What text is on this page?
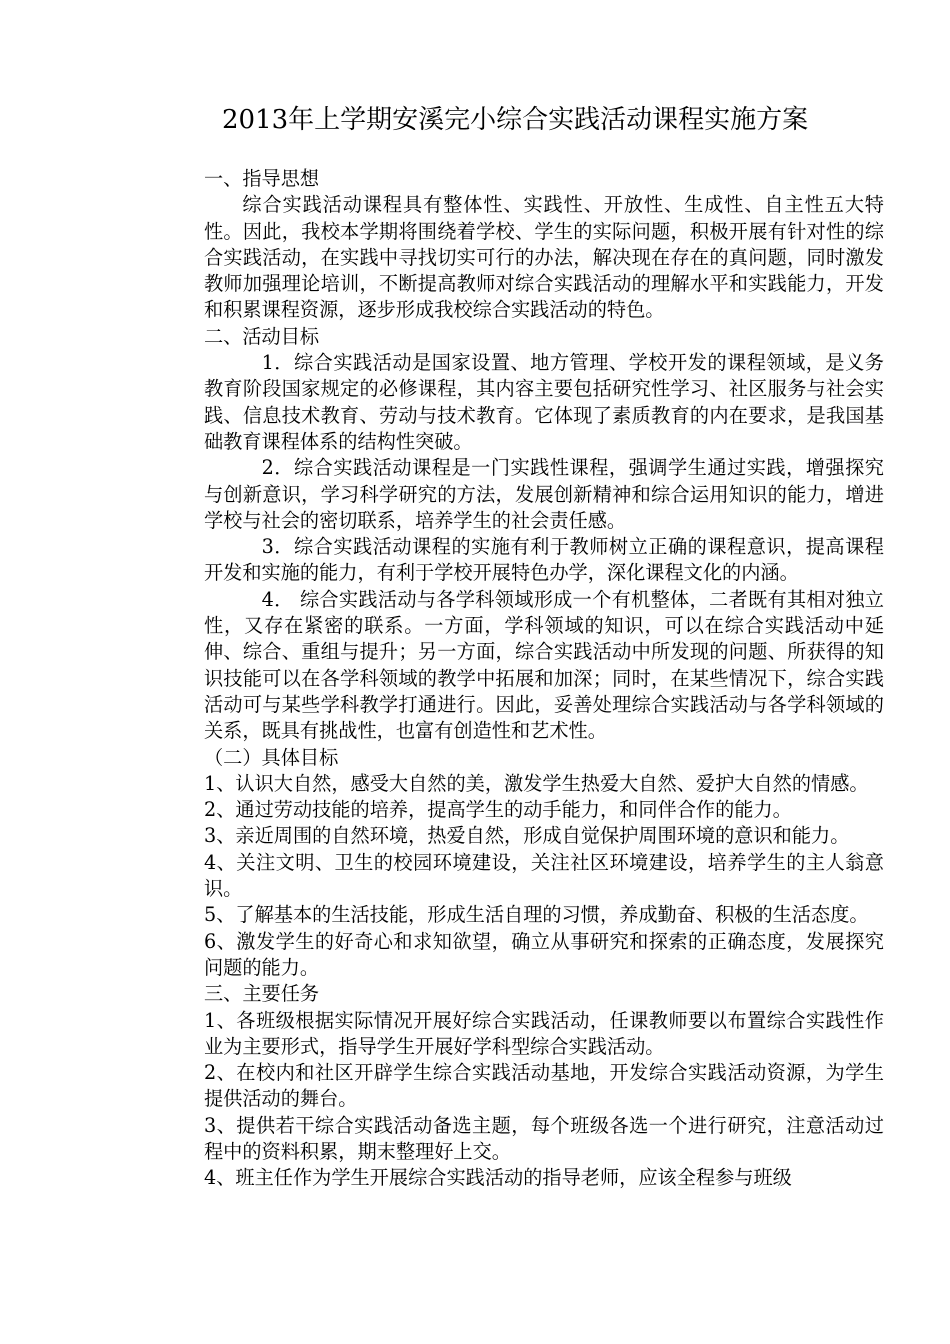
2013年上学期安溪完小综合实践活动课程实施方案

一、指导思想

综合实践活动课程具有整体性、实践性、开放性、生成性、自主性五大特性。因此，我校本学期将围绕着学校、学生的实际问题，积极开展有针对性的综合实践活动，在实践中寻找切实可行的办法，解决现在存在的真问题，同时激发教师加强理论培训，不断提高教师对综合实践活动的理解水平和实践能力，开发和积累课程资源，逐步形成我校综合实践活动的特色。

二、活动目标

1．综合实践活动是国家设置、地方管理、学校开发的课程领域，是义务教育阶段国家规定的必修课程，其内容主要包括研究性学习、社区服务与社会实践、信息技术教育、劳动与技术教育。它体现了素质教育的内在要求，是我国基础教育课程体系的结构性突破。

2．综合实践活动课程是一门实践性课程，强调学生通过实践，增强探究与创新意识，学习科学研究的方法，发展创新精神和综合运用知识的能力，增进学校与社会的密切联系，培养学生的社会责任感。

3．综合实践活动课程的实施有利于教师树立正确的课程意识，提高课程开发和实施的能力，有利于学校开展特色办学，深化课程文化的内涵。

4． 综合实践活动与各学科领域形成一个有机整体，二者既有其相对独立性，又存在紧密的联系。一方面，学科领域的知识，可以在综合实践活动中延伸、综合、重组与提升；另一方面，综合实践活动中所发现的问题、所获得的知识技能可以在各学科领域的教学中拓展和加深；同时，在某些情况下，综合实践活动可与某些学科教学打通进行。因此，妥善处理综合实践活动与各学科领域的关系，既具有挑战性，也富有创造性和艺术性。

（二）具体目标

1、认识大自然，感受大自然的美，激发学生热爱大自然、爱护大自然的情感。

2、通过劳动技能的培养，提高学生的动手能力，和同伴合作的能力。

3、亲近周围的自然环境，热爱自然，形成自觉保护周围环境的意识和能力。

4、关注文明、卫生的校园环境建设，关注社区环境建设，培养学生的主人翁意识。

5、了解基本的生活技能，形成生活自理的习惯，养成勤奋、积极的生活态度。

6、激发学生的好奇心和求知欲望，确立从事研究和探索的正确态度，发展探究问题的能力。

三、主要任务

1、各班级根据实际情况开展好综合实践活动，任课教师要以布置综合实践性作业为主要形式，指导学生开展好学科型综合实践活动。

2、在校内和社区开辟学生综合实践活动基地，开发综合实践活动资源，为学生提供活动的舞台。

3、提供若干综合实践活动备选主题，每个班级各选一个进行研究，注意活动过程中的资料积累，期末整理好上交。

4、班主任作为学生开展综合实践活动的指导老师，应该全程参与班级
